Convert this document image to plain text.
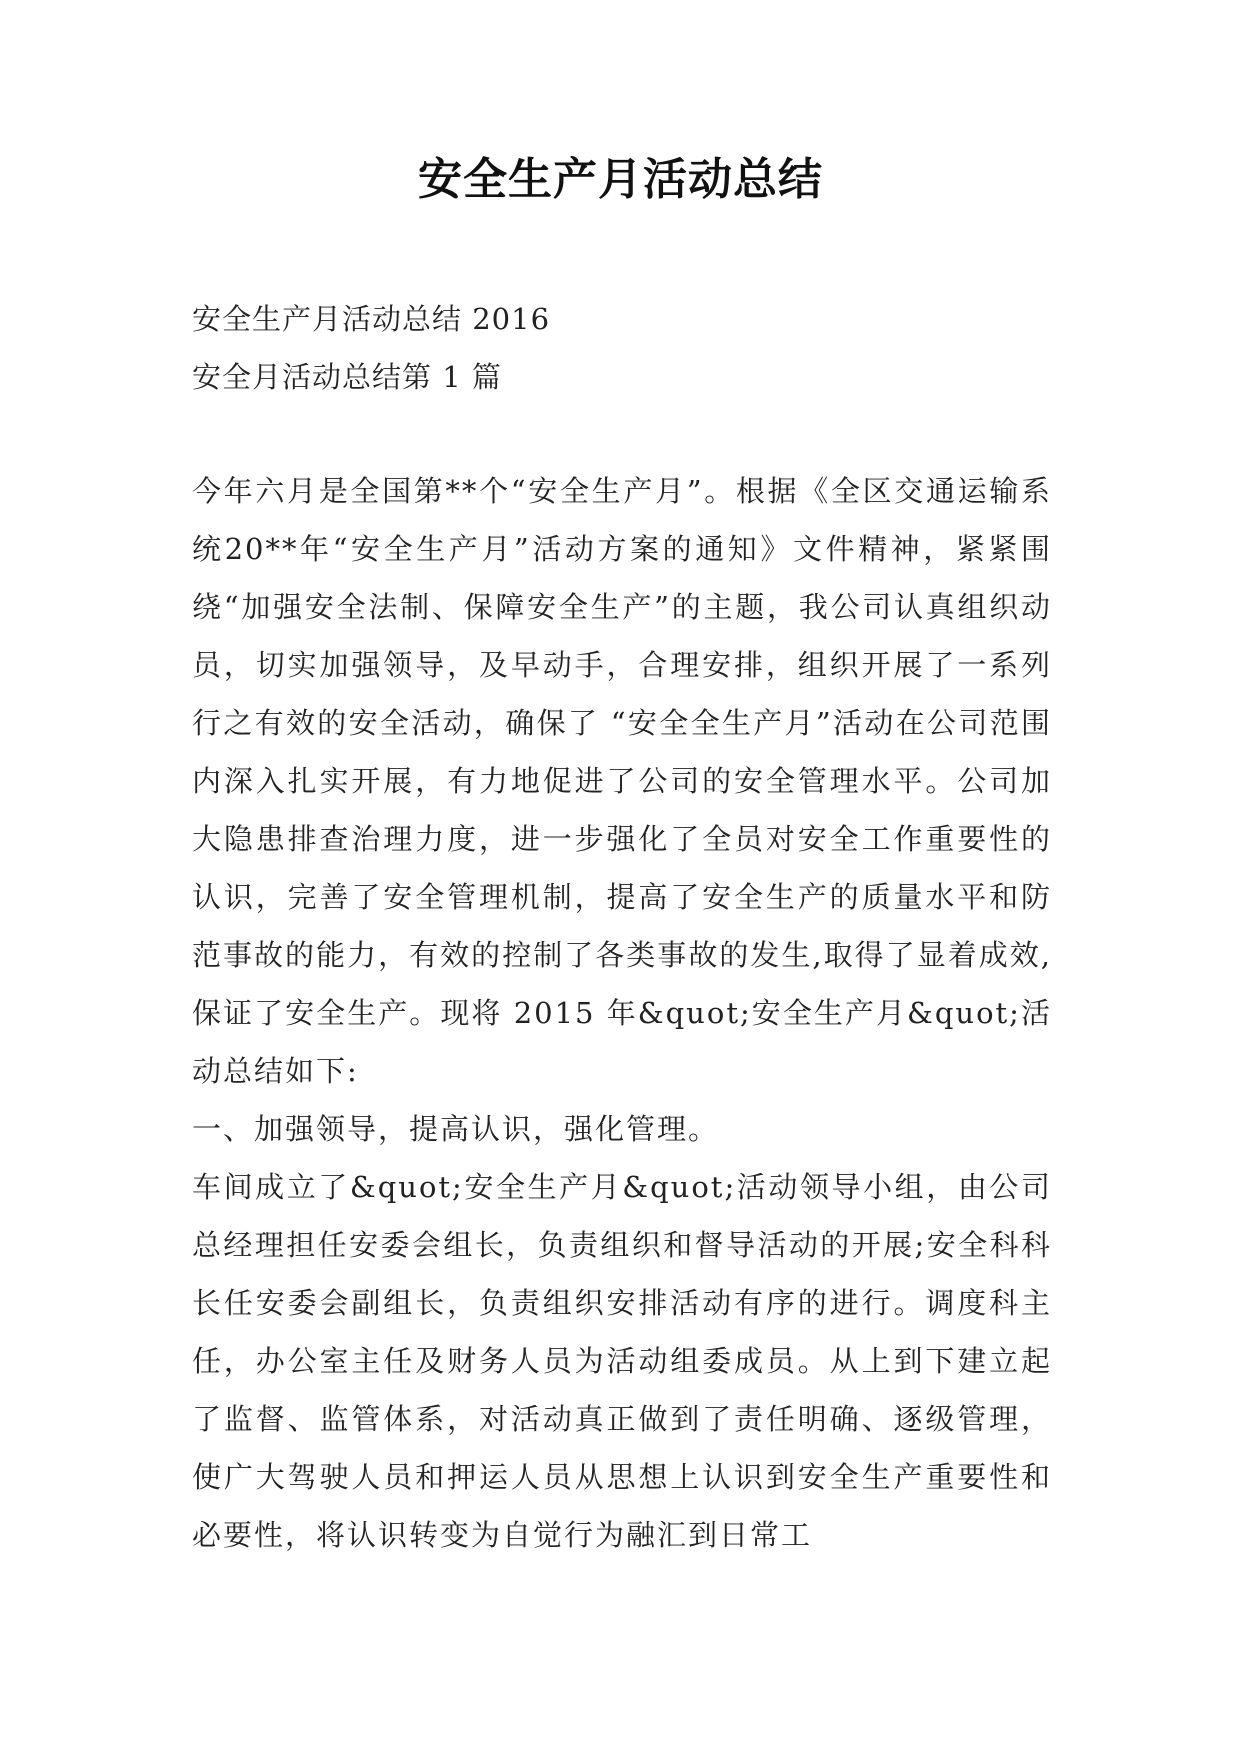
安全生产月活动总结
安全生产月活动总结 2016
安全月活动总结第 1 篇

今年六月是全国第**个“安全生产月”。根据《全区交通运输系统20**年“安全生产月”活动方案的通知》文件精神，紧紧围绕“加强安全法制、保障安全生产”的主题，我公司认真组织动员，切实加强领导，及早动手，合理安排，组织开展了一系列行之有效的安全活动，确保了 “安全全生产月”活动在公司范围内深入扎实开展，有力地促进了公司的安全管理水平。公司加大隐患排查治理力度，进一步强化了全员对安全工作重要性的认识，完善了安全管理机制，提高了安全生产的质量水平和防范事故的能力，有效的控制了各类事故的发生,取得了显着成效,保证了安全生产。现将 2015 年&quot;安全生产月&quot;活动总结如下:

一、加强领导，提高认识，强化管理。

车间成立了&quot;安全生产月&quot;活动领导小组，由公司总经理担任安委会组长，负责组织和督导活动的开展;安全科科长任安委会副组长，负责组织安排活动有序的进行。调度科主任，办公室主任及财务人员为活动组委成员。从上到下建立起了监督、监管体系，对活动真正做到了责任明确、逐级管理，使广大驾驶人员和押运人员从思想上认识到安全生产重要性和必要性，将认识转变为自觉行为融汇到日常工
